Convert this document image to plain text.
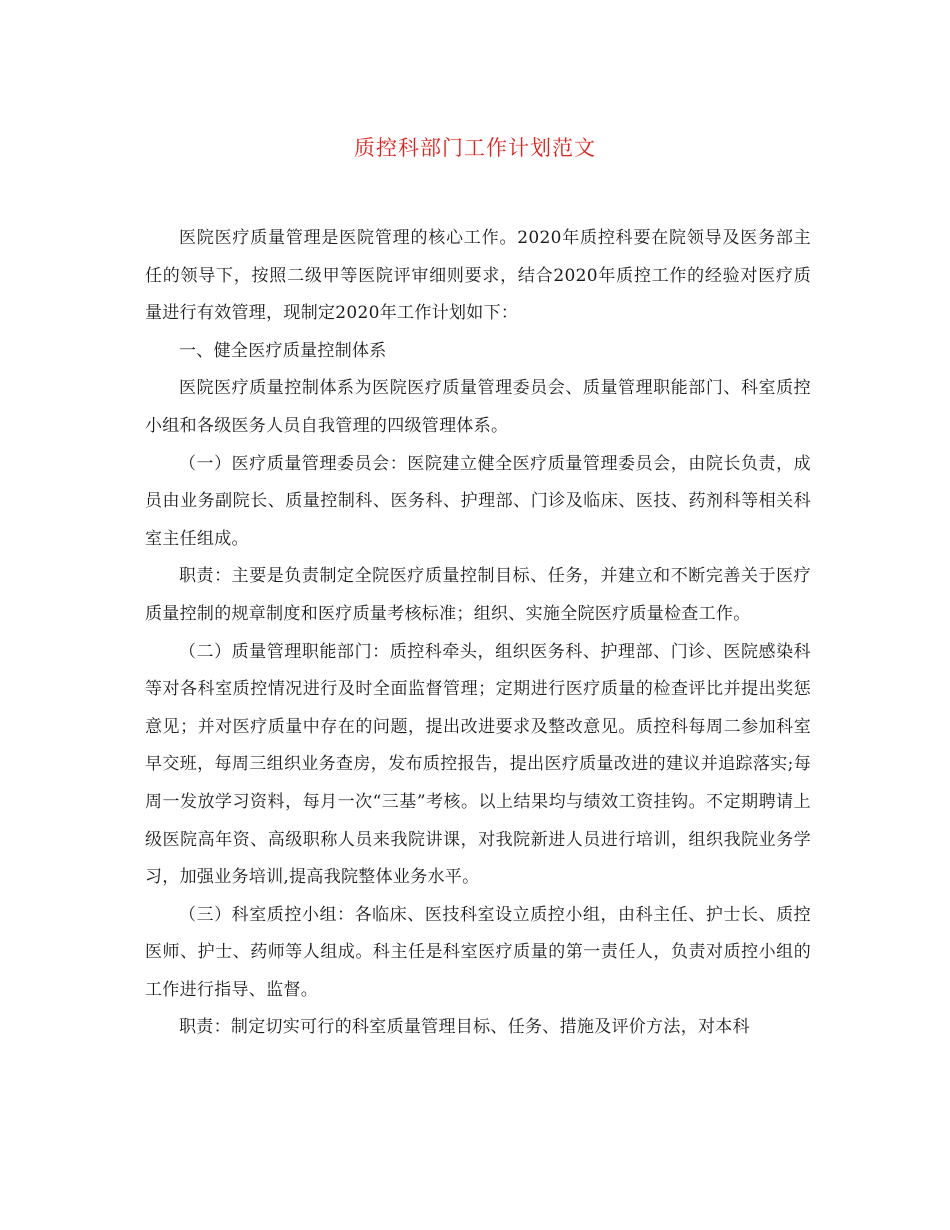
质控科部门工作计划范文

医院医疗质量管理是医院管理的核心工作。2020年质控科要在院领导及医务部主任的领导下，按照二级甲等医院评审细则要求，结合2020年质控工作的经验对医疗质量进行有效管理，现制定2020年工作计划如下：

一、健全医疗质量控制体系

医院医疗质量控制体系为医院医疗质量管理委员会、质量管理职能部门、科室质控小组和各级医务人员自我管理的四级管理体系。

（一）医疗质量管理委员会：医院建立健全医疗质量管理委员会，由院长负责，成员由业务副院长、质量控制科、医务科、护理部、门诊及临床、医技、药剂科等相关科室主任组成。

职责：主要是负责制定全院医疗质量控制目标、任务，并建立和不断完善关于医疗质量控制的规章制度和医疗质量考核标准；组织、实施全院医疗质量检查工作。

（二）质量管理职能部门：质控科牵头，组织医务科、护理部、门诊、医院感染科等对各科室质控情况进行及时全面监督管理；定期进行医疗质量的检查评比并提出奖惩意见；并对医疗质量中存在的问题，提出改进要求及整改意见。质控科每周二参加科室早交班，每周三组织业务查房，发布质控报告，提出医疗质量改进的建议并追踪落实;每周一发放学习资料，每月一次“三基”考核。以上结果均与绩效工资挂钩。不定期聘请上级医院高年资、高级职称人员来我院讲课，对我院新进人员进行培训，组织我院业务学习，加强业务培训,提高我院整体业务水平。

（三）科室质控小组：各临床、医技科室设立质控小组，由科主任、护士长、质控医师、护士、药师等人组成。科主任是科室医疗质量的第一责任人，负责对质控小组的工作进行指导、监督。

职责：制定切实可行的科室质量管理目标、任务、措施及评价方法，对本科
